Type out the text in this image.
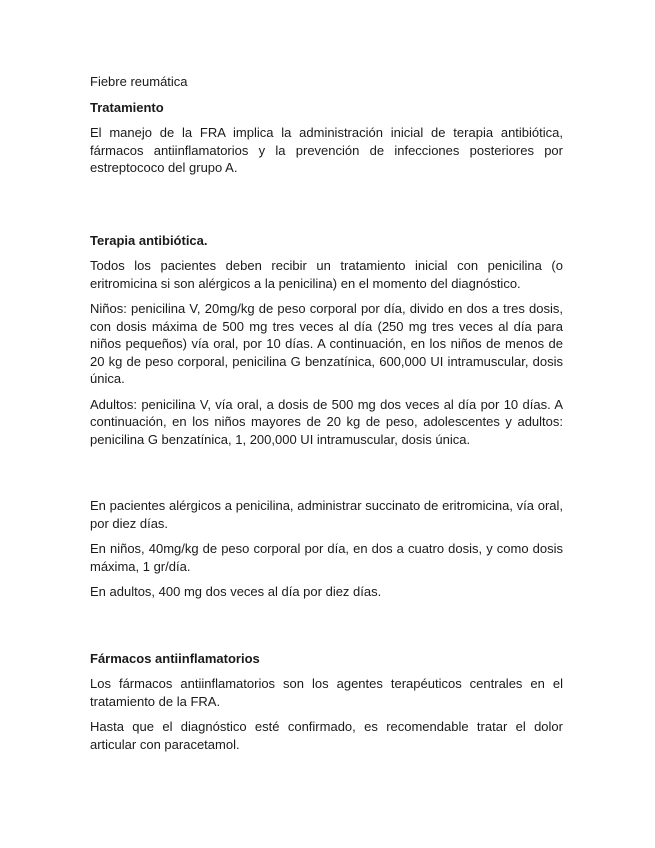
Fiebre reumática

Tratamiento

El manejo de la FRA implica la administración inicial de terapia antibiótica, fármacos antiinflamatorios y la prevención de infecciones posteriores por estreptococo del grupo A.

Terapia antibiótica.

Todos los pacientes deben recibir un tratamiento inicial con penicilina (o eritromicina si son alérgicos a la penicilina) en el momento del diagnóstico.

Niños: penicilina V, 20mg/kg de peso corporal por día, divido en dos a tres dosis, con dosis máxima de 500 mg tres veces al día (250 mg tres veces al día para niños pequeños) vía oral, por 10 días. A continuación, en los niños de menos de 20 kg de peso corporal, penicilina G benzatínica, 600,000 UI intramuscular, dosis única.

Adultos: penicilina V, vía oral, a dosis de 500 mg dos veces al día por 10 días. A continuación, en los niños mayores de 20 kg de peso, adolescentes y adultos: penicilina G benzatínica, 1, 200,000 UI intramuscular, dosis única.

En pacientes alérgicos a penicilina, administrar succinato de eritromicina, vía oral, por diez días.

En niños, 40mg/kg de peso corporal por día, en dos a cuatro dosis, y como dosis máxima, 1 gr/día.

En adultos, 400 mg dos veces al día por diez días.

Fármacos antiinflamatorios

Los fármacos antiinflamatorios son los agentes terapéuticos centrales en el tratamiento de la FRA.

Hasta que el diagnóstico esté confirmado, es recomendable tratar el dolor articular con paracetamol.
